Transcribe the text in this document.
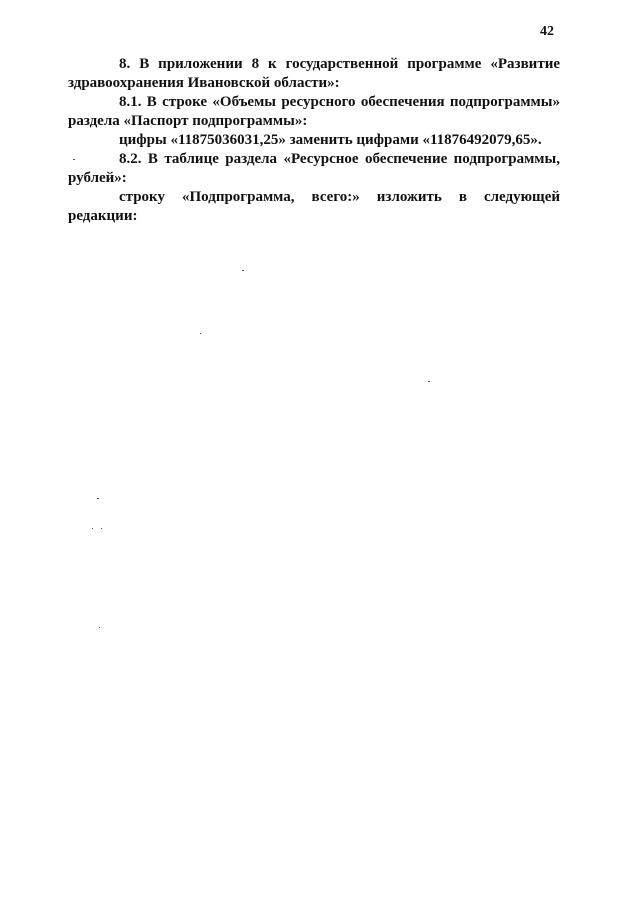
42

8. В приложении 8 к государственной программе «Развитие здравоохранения Ивановской области»:

8.1. В строке «Объемы ресурсного обеспечения подпрограммы» раздела «Паспорт подпрограммы»:

цифры «11875036031,25» заменить цифрами «11876492079,65».

8.2. В таблице раздела «Ресурсное обеспечение подпрограммы, рублей»:

строку «Подпрограмма, всего:» изложить в следующей редакции:
